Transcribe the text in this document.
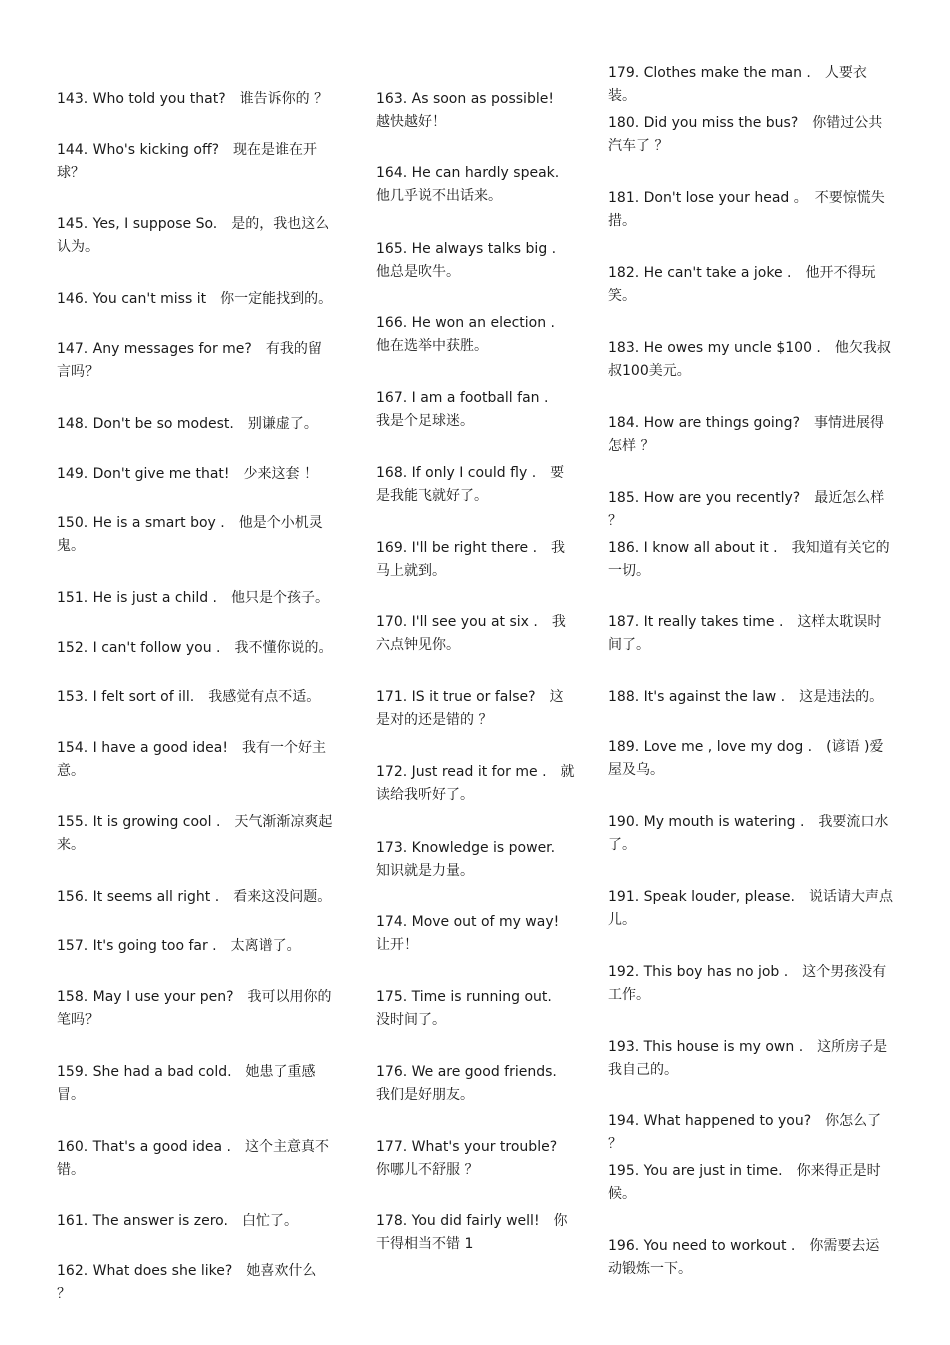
143. Who told you that?　谁告诉你的 ？
144. Who's kicking off?　现在是谁在开球？
145. Yes, I suppose So.　是的，我也这么认为。
146. You can't miss it　你一定能找到的。
147. Any messages for me?　有我的留言吗？
148. Don't be so modest.　别谦虚了。
149. Don't give me that!　少来这套 ！
150. He is a smart boy .　他是个小机灵鬼。
151. He is just a child .　他只是个孩子。
152. I can't follow you .　我不懂你说的。
153. I felt sort of ill.　我感觉有点不适。
154. I have a good idea!　我有一个好主意。
155. It is growing cool .　天气渐渐凉爽起来。
156. It seems all right .　看来这没问题。
157. It's going too far .　太离谱了。
158. May I use your pen?　我可以用你的笔吗？
159. She had a bad cold.　她患了重感冒。
160. That's a good idea .　这个主意真不错。
161. The answer is zero.　白忙了。
162. What does she like?　她喜欢什么 ？
163. As soon as possible!　越快越好！
164. He can hardly speak.　他几乎说不出话来。
165. He always talks big .　他总是吹牛。
166. He won an election .　他在选举中获胜。
167. I am a football fan .　我是个足球迷。
168. If only I could fly .　要是我能飞就好了。
169. I'll be right there .　我马上就到。
170. I'll see you at six .　我六点钟见你。
171. IS it true or false?　这是对的还是错的 ？
172. Just read it for me .　就读给我听好了。
173. Knowledge is power.　知识就是力量。
174. Move out of my way!　让开！
175. Time is running out.　没时间了。
176. We are good friends.　我们是好朋友。
177. What's your trouble?　你哪儿不舒服 ？
178. You did fairly well!　你干得相当不错 1
179. Clothes make the man .　人要衣装。
180. Did you miss the bus?　你错过公共汽车了 ？
181. Don't lose your head 。　不要惊慌失措。
182. He can't take a joke .　他开不得玩笑。
183. He owes my uncle $100 .　他欠我叔叔100美元。
184. How are things going?　事情进展得怎样 ？
185. How are you recently?　最近怎么样 ？
186. I know all about it .　我知道有关它的一切。
187. It really takes time .　这样太耽误时间了。
188. It's against the law .　这是违法的。
189. Love me , love my dog .　(谚语 )爱屋及乌。
190. My mouth is watering .　我要流口水了。
191. Speak louder, please.　说话请大声点儿。
192. This boy has no job .　这个男孩没有工作。
193. This house is my own .　这所房子是我自己的。
194. What happened to you?　你怎么了 ？
195. You are just in time.　你来得正是时候。
196. You need to workout .　你需要去运动锻炼一下。
